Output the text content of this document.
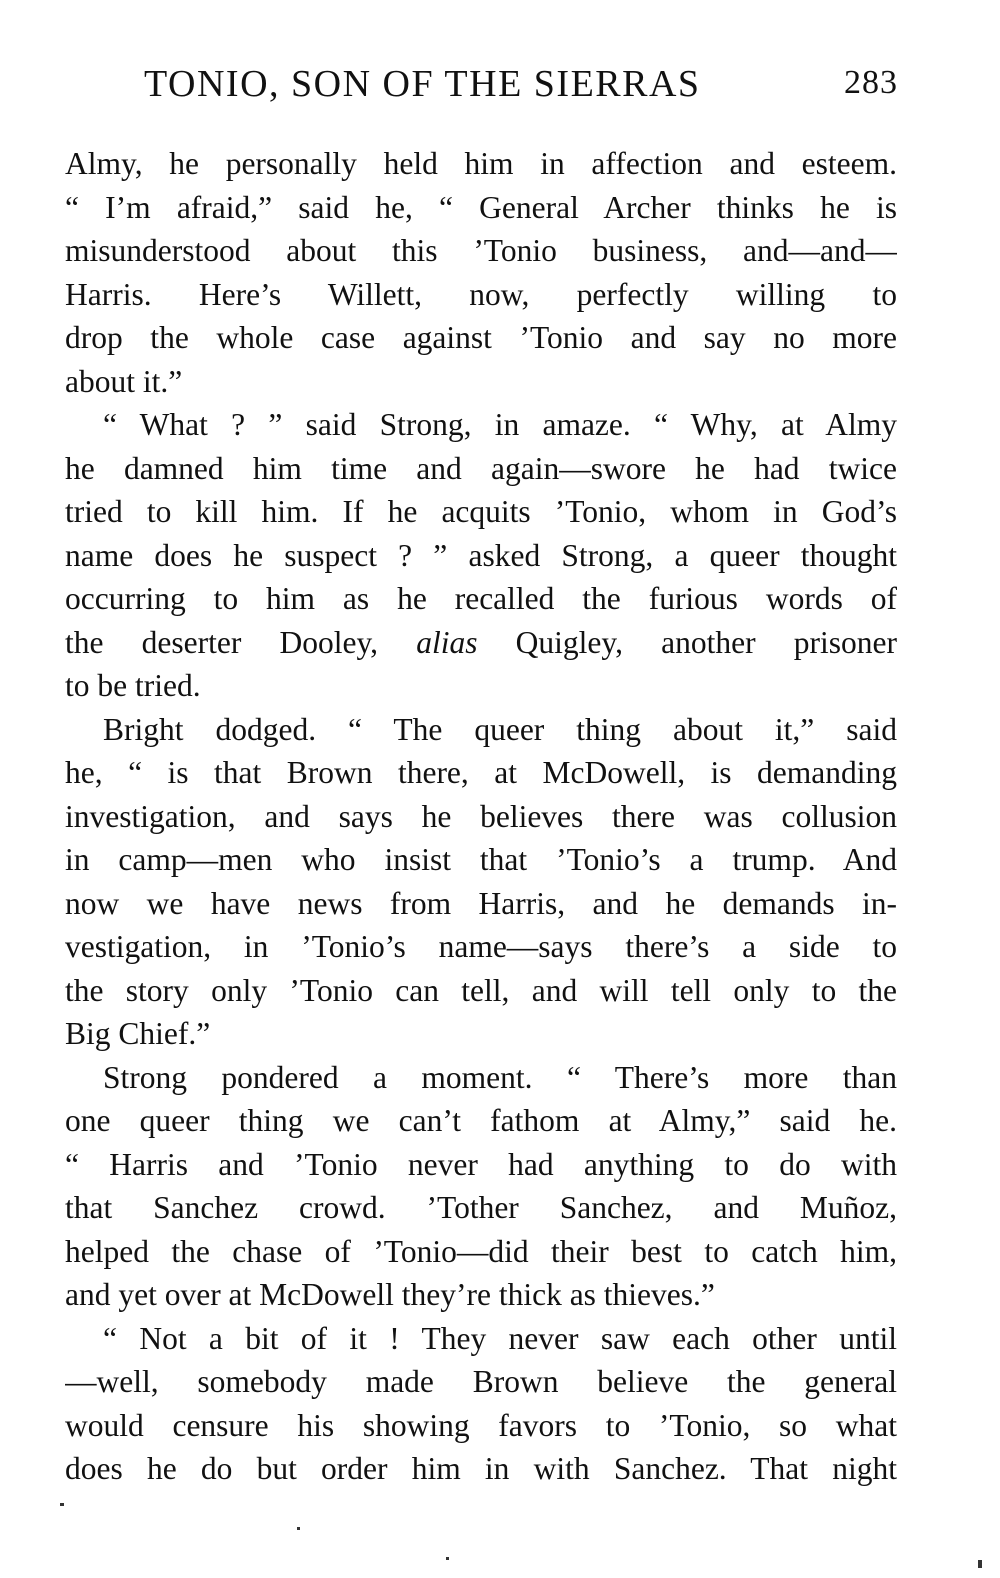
TONIO, SON OF THE SIERRAS	283
Almy, he personally held him in affection and esteem.
“ I’m afraid,” said he, “ General Archer thinks he is
misunderstood about this ’Tonio business, and—and—
Harris. Here’s Willett, now, perfectly willing to
drop the whole case against ’Tonio and say no more
about it.”
“ What ? ” said Strong, in amaze. “ Why, at Almy
he damned him time and again—swore he had twice
tried to kill him. If he acquits ’Tonio, whom in God’s
name does he suspect ? ” asked Strong, a queer thought
occurring to him as he recalled the furious words of
the deserter Dooley, alias Quigley, another prisoner
to be tried.
Bright dodged. “ The queer thing about it,” said
he, “ is that Brown there, at McDowell, is demanding
investigation, and says he believes there was collusion
in camp—men who insist that ’Tonio’s a trump. And
now we have news from Harris, and he demands in-
vestigation, in ’Tonio’s name—says there’s a side to
the story only ’Tonio can tell, and will tell only to the
Big Chief.”
Strong pondered a moment. “ There’s more than
one queer thing we can’t fathom at Almy,” said he.
“ Harris and ’Tonio never had anything to do with
that Sanchez crowd. ’Tother Sanchez, and Muñoz,
helped the chase of ’Tonio—did their best to catch him,
and yet over at McDowell they’re thick as thieves.”
“ Not a bit of it ! They never saw each other until
—well, somebody made Brown believe the general
would censure his showing favors to ’Tonio, so what
does he do but order him in with Sanchez. That night
